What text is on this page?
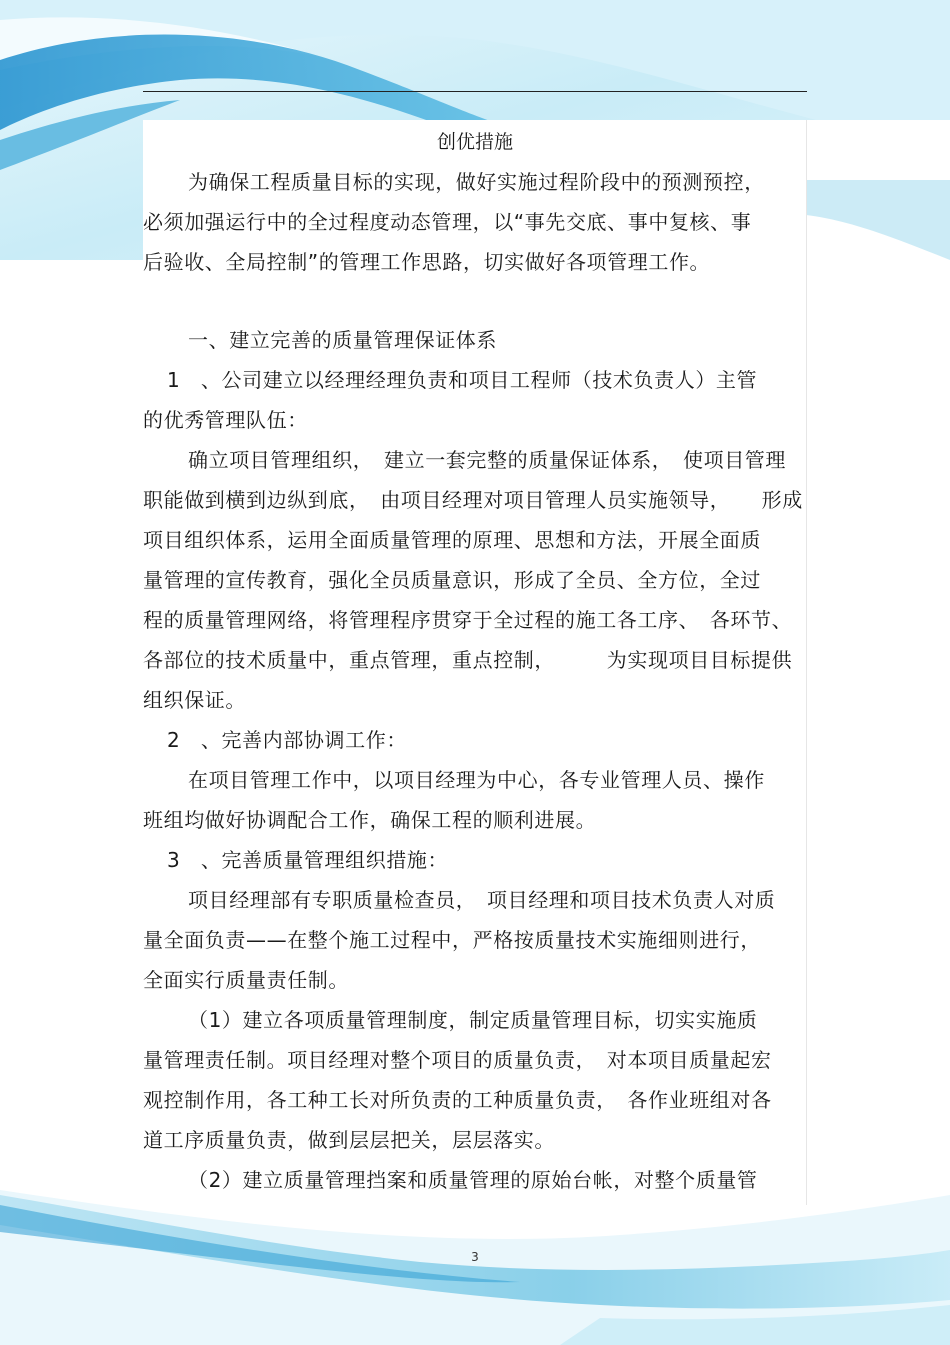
创优措施
为确保工程质量目标的实现，做好实施过程阶段中的预测预控，
必须加强运行中的全过程度动态管理，以“事先交底、事中复核、事
后验收、全局控制”的管理工作思路，切实做好各项管理工作。
一、建立完善的质量管理保证体系
1　、公司建立以经理经理负责和项目工程师（技术负责人）主管
的优秀管理队伍：
确立项目管理组织，　建立一套完整的质量保证体系，　使项目管理
职能做到横到边纵到底，　由项目经理对项目管理人员实施领导，　　形成
项目组织体系，运用全面质量管理的原理、思想和方法，开展全面质
量管理的宣传教育，强化全员质量意识，形成了全员、全方位，全过
程的质量管理网络，将管理程序贯穿于全过程的施工各工序、　各环节、
各部位的技术质量中，重点管理，重点控制，　　　为实现项目目标提供
组织保证。
2　、完善内部协调工作：
在项目管理工作中，以项目经理为中心，各专业管理人员、操作
班组均做好协调配合工作，确保工程的顺利进展。
3　、完善质量管理组织措施：
项目经理部有专职质量检查员，　项目经理和项目技术负责人对质
量全面负责——在整个施工过程中，严格按质量技术实施细则进行，
全面实行质量责任制。
（1）建立各项质量管理制度，制定质量管理目标，切实实施质
量管理责任制。项目经理对整个项目的质量负责，　对本项目质量起宏
观控制作用，各工种工长对所负责的工种质量负责，　各作业班组对各
道工序质量负责，做到层层把关，层层落实。
（2）建立质量管理挡案和质量管理的原始台帐，对整个质量管
3
